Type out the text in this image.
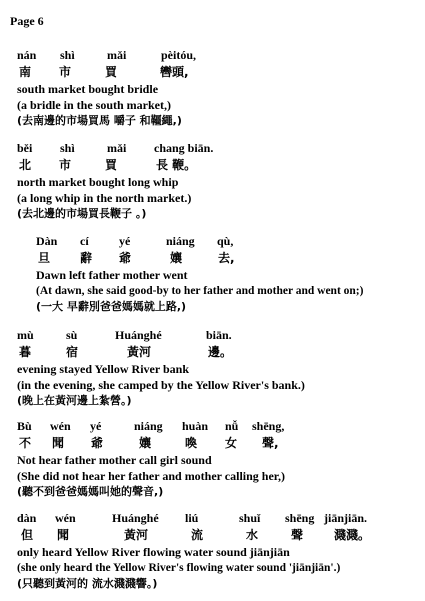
Page 6
nán shì	mǎi	pèitóu,
南 市	買	轡頭,
south market bought bridle
(a bridle in the south market,)
(去南邊的市場買馬 嚼子 和韁繩,)
běi shì	mǎi chang biān.
北 市	買	長 鞭。
north market bought long whip
(a long whip in the north market.)
(去北邊的市場買長鞭子 。)
Dàn cí	yé	niáng qù,
旦 辭 爺	孃	去,
Dawn left father mother went
(At dawn, she said good-by to her father and mother and went on;)
(一大 早辭別爸爸媽媽就上路,)
mù	sù	Huánghé	biān.
暮	宿	黃河	邊。
evening stayed Yellow River bank
(in the evening, she camped by the Yellow River's bank.)
(晚上在黃河邊上紮營。)
Bù wén yé	niáng huàn nǚ shēng,
不 聞 爺	孃	喚 女 聲,
Not hear father mother call girl sound
(She did not hear her father and mother calling her,)
(聽不到爸爸媽媽叫她的聲音,)
dàn wén	Huánghé liú	shuǐ shēng jiānjiān.
但 聞	黃河	流	水	聲	濺濺。
only heard Yellow River flowing water sound jiānjiān
(she only heard the Yellow River's flowing water sound 'jiānjiān'.)
(只聽到黃河的 流水濺濺響。)
